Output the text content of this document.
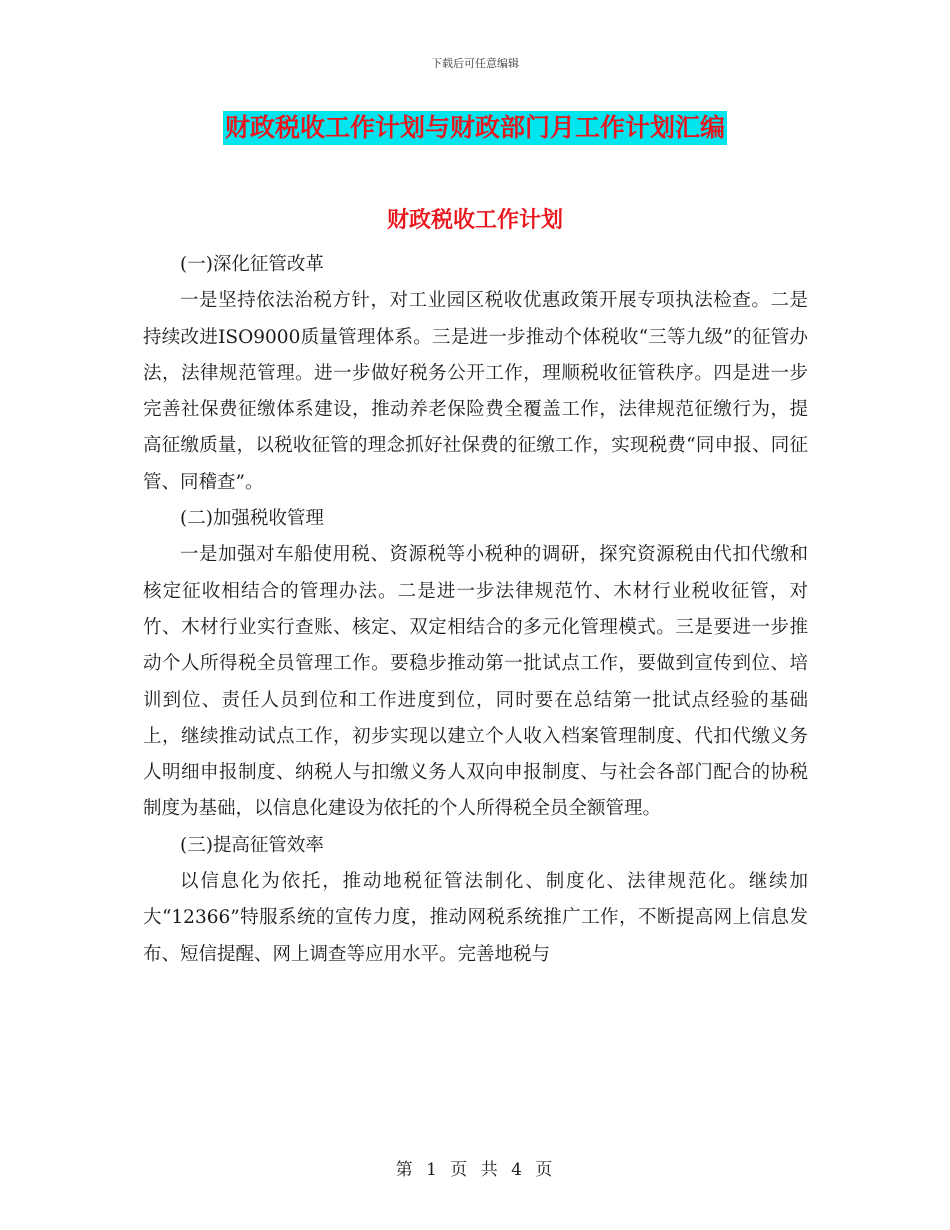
下载后可任意编辑
财政税收工作计划与财政部门月工作计划汇编
财政税收工作计划

(一)深化征管改革

一是坚持依法治税方针，对工业园区税收优惠政策开展专项执法检查。二是持续改进ISO9000质量管理体系。三是进一步推动个体税收“三等九级”的征管办法，法律规范管理。进一步做好税务公开工作，理顺税收征管秩序。四是进一步完善社保费征缴体系建设，推动养老保险费全覆盖工作，法律规范征缴行为，提高征缴质量，以税收征管的理念抓好社保费的征缴工作，实现税费“同申报、同征管、同稽查”。

(二)加强税收管理

一是加强对车船使用税、资源税等小税种的调研，探究资源税由代扣代缴和核定征收相结合的管理办法。二是进一步法律规范竹、木材行业税收征管，对竹、木材行业实行查账、核定、双定相结合的多元化管理模式。三是要进一步推动个人所得税全员管理工作。要稳步推动第一批试点工作，要做到宣传到位、培训到位、责任人员到位和工作进度到位，同时要在总结第一批试点经验的基础上，继续推动试点工作，初步实现以建立个人收入档案管理制度、代扣代缴义务人明细申报制度、纳税人与扣缴义务人双向申报制度、与社会各部门配合的协税制度为基础，以信息化建设为依托的个人所得税全员全额管理。

(三)提高征管效率

以信息化为依托，推动地税征管法制化、制度化、法律规范化。继续加大“12366”特服系统的宣传力度，推动网税系统推广工作，不断提高网上信息发布、短信提醒、网上调查等应用水平。完善地税与

第 1 页 共 4 页
